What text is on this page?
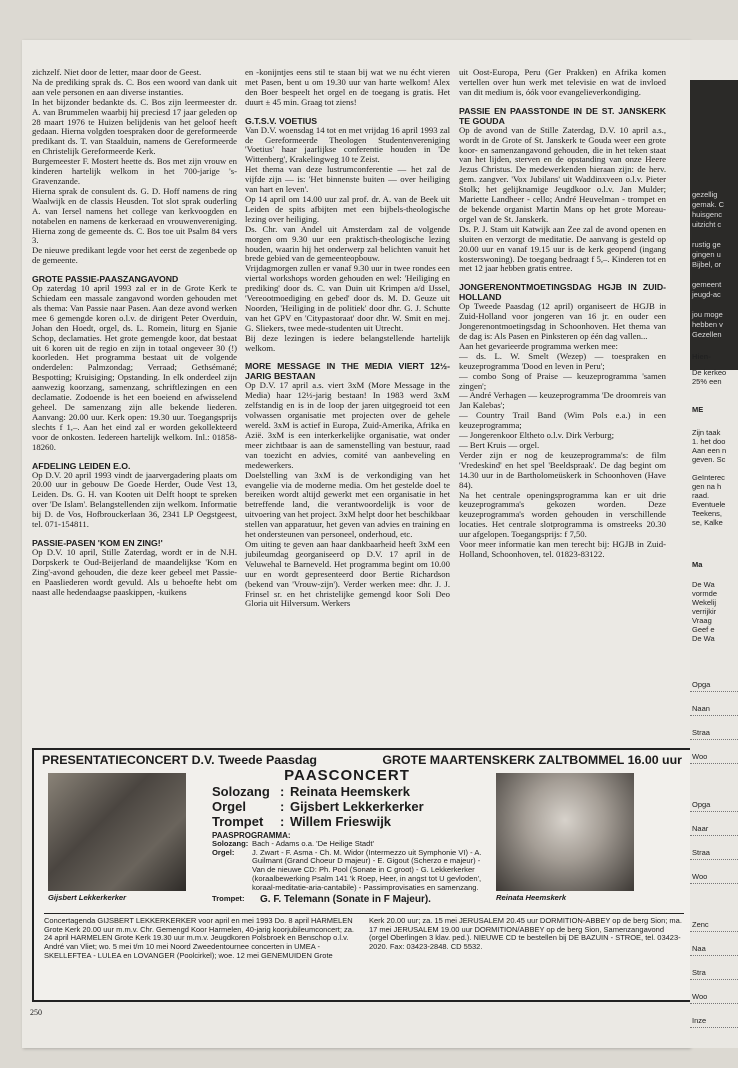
zichzelf. Niet door de letter, maar door de Geest.

Na de prediking sprak ds. C. Bos een woord van dank uit aan vele personen en aan diverse instanties.

In het bijzonder bedankte ds. C. Bos zijn leermeester dr. A. van Brummelen waarbij hij preciesd 17 jaar geleden op 28 maart 1976 te Huizen belijdenis van het geloof heeft gedaan. Hierna volgden toespraken door de gereformeerde predikant ds. T. van Staalduin, namens de Gereformeerde en Christelijk Gereformeerde Kerk.

Burgemeester F. Mostert heette ds. Bos met zijn vrouw en kinderen hartelijk welkom in het 700-jarige 's-Gravenzande.

Hierna sprak de consulent ds. G. D. Hoff namens de ring Waalwijk en de classis Heusden. Tot slot sprak ouderling A. van Iersel namens het college van kerkvoogden en notabelen en namens de kerkeraad en vrouwenvereniging. Hierna zong de gemeente ds. C. Bos toe uit Psalm 84 vers 3.

De nieuwe predikant legde voor het eerst de zegenbede op de gemeente.

GROTE PASSIE-PAASZANGAVOND

Op zaterdag 10 april 1993 zal er in de Grote Kerk te Schiedam een massale zangavond worden gehouden met als thema: Van Passie naar Pasen. Aan deze avond werken mee 6 gemengde koren o.l.v. de dirigent Peter Overduin, Johan den Hoedt, orgel, ds. L. Romein, liturg en Sjanie Schop, declamaties. Het grote gemengde koor, dat bestaat uit 6 koren uit de regio en zijn in totaal ongeveer 30 (!) koorleden. Het programma bestaat uit de volgende onderdelen: Palmzondag; Verraad; Gethsémané; Bespotting; Kruisiging; Opstanding. In elk onderdeel zijn aanwezig koorzang, samenzang, schriftlezingen en een declamatie. Zodoende is het een boeiend en afwisselend geheel. De samenzang zijn alle bekende liederen. Aanvang: 20.00 uur. Kerk open: 19.30 uur. Toegangsprijs slechts f 1,–. Aan het eind zal er worden gekollekteerd voor de onkosten. Iedereen hartelijk welkom. Inl.: 01858-18260.

AFDELING LEIDEN E.O.

Op D.V. 20 april 1993 vindt de jaarvergadering plaats om 20.00 uur in gebouw De Goede Herder, Oude Vest 13, Leiden. Ds. G. H. van Kooten uit Delft hoopt te spreken over 'De Islam'. Belangstellenden zijn welkom. Informatie bij D. de Vos, Hofbrouckerlaan 36, 2341 LP Oegstgeest, tel. 071-154811.

PASSIE-PASEN 'KOM EN ZING!'

Op D.V. 10 april, Stille Zaterdag, wordt er in de N.H. Dorpskerk te Oud-Beijerland de maandelijkse 'Kom en Zing'-avond gehouden, die deze keer gebeel met Passie- en Paasliederen wordt gevuld. Als u behoefte hebt om naast alle hedendaagse paaskippen, -kuikens

en -konijntjes eens stil te staan bij wat we nu écht vieren met Pasen, bent u om 19.30 uur van harte welkom! Alex den Boer bespeelt het orgel en de toegang is gratis. Het duurt ± 45 min. Graag tot ziens!

G.T.S.V. VOETIUS

Van D.V. woensdag 14 tot en met vrijdag 16 april 1993 zal de Gereformeerde Theologen Studentenvereniging 'Voetius' haar jaarlijkse conferentie houden in 'De Wittenberg', Krakelingweg 10 te Zeist.

Het thema van deze lustrumconferentie — het zal de vijfde zijn — is: 'Het binnenste buiten — over heiliging van hart en leven'.

Op 14 april om 14.00 uur zal prof. dr. A. van de Beek uit Leiden de spits afbijten met een bijbels-theologische lezing over heiliging.

Ds. Chr. van Andel uit Amsterdam zal de volgende morgen om 9.30 uur een praktisch-theologische lezing houden, waarin hij het onderwerp zal belichten vanuit het brede gebied van de gemeenteopbouw.

Vrijdagmorgen zullen er vanaf 9.30 uur in twee rondes een viertal workshops worden gehouden en wel: 'Heiliging en prediking' door ds. C. van Duin uit Krimpen a/d IJssel, 'Vereootmoediging en gebed' door ds. M. D. Geuze uit Noorden, 'Heiliging in de politiek' door dhr. G. J. Schutte van het GPV en 'Citypastoraat' door dhr. W. Smit en mej. G. Sliekers, twee mede-studenten uit Utrecht.

Bij deze lezingen is iedere belangstellende hartelijk welkom.

MORE MESSAGE IN THE MEDIA VIERT 12½-JARIG BESTAAN

Op D.V. 17 april a.s. viert 3xM (More Message in the Media) haar 12½-jarig bestaan! In 1983 werd 3xM zelfstandig en is in de loop der jaren uitgegroeid tot een volwassen organisatie met projecten over de gehele wereld. 3xM is actief in Europa, Zuid-Amerika, Afrika en Azië. 3xM is een interkerkelijke organisatie, wat onder meer zichtbaar is aan de samenstelling van bestuur, raad van toezicht en advies, comité van aanbeveling en medewerkers.

Doelstelling van 3xM is de verkondiging van het evangelie via de moderne media. Om het gestelde doel te bereiken wordt altijd gewerkt met een organisatie in het betreffende land, die verantwoordelijk is voor de uitvoering van het project. 3xM helpt door het beschikbaar stellen van apparatuur, het geven van advies en training en het ondersteunen van personeel, onderhoud, etc.

Om uiting te geven aan haar dankbaarheid heeft 3xM een jubileumdag georganiseerd op D.V. 17 april in de Veluwehal te Barneveld. Het programma begint om 10.00 uur en wordt gepresenteerd door Bertie Richardson (bekend van 'Vrouw-zijn'). Verder werken mee: dhr. J. J. Frinsel sr. en het christelijke gemengd koor Soli Deo Gloria uit Hilversum. Werkers

uit Oost-Europa, Peru (Ger Prakken) en Afrika komen vertellen over hun werk met televisie en wat de invloed van dit medium is, óók voor evangelieverkondiging.

PASSIE EN PAASSTONDE IN DE ST. JANSKERK TE GOUDA

Op de avond van de Stille Zaterdag, D.V. 10 april a.s., wordt in de Grote of St. Janskerk te Gouda weer een grote koor- en samenzangavond gehouden, die in het teken staat van het lijden, sterven en de opstanding van onze Heere Jezus Christus. De medewerkenden hieraan zijn: de herv. gem. zangver. 'Vox Jubilans' uit Waddinxveen o.l.v. Pieter Stolk; het gelijknamige Jeugdkoor o.l.v. Jan Mulder; Mariette Landheer - cello; André Heuvelman - trompet en de bekende organist Martin Mans op het grote Moreau-orgel van de St. Janskerk.

Ds. P. J. Stam uit Katwijk aan Zee zal de avond openen en sluiten en verzorgt de meditatie. De aanvang is gesteld op 20.00 uur en vanaf 19.15 uur is de kerk geopend (ingang kosterswoning). De toegang bedraagt f 5,–. Kinderen tot en met 12 jaar hebben gratis entree.

JONGERENONTMOETINGSDAG HGJB IN ZUID-HOLLAND

Op Tweede Paasdag (12 april) organiseert de HGJB in Zuid-Holland voor jongeren van 16 jr. en ouder een Jongerenontmoetingsdag in Schoonhoven. Het thema van de dag is: Als Pasen en Pinksteren op één dag vallen...

Aan het gevarieerde programma werken mee:

— ds. L. W. Smelt (Wezep) — toespraken en keuzeprogramma 'Dood en leven in Peru';

— combo Song of Praise — keuzeprogramma 'samen zingen';

— André Verhagen — keuzeprogramma 'De droomreis van Jan Kalebas';

— Country Trail Band (Wim Pols e.a.) in een keuzeprogramma;

— Jongerenkoor Eltheto o.l.v. Dirk Verburg;

— Bert Kruis — orgel.

Verder zijn er nog de keuzeprogramma's: de film 'Vredeskind' en het spel 'Beeldspraak'. De dag begint om 14.30 uur in de Bartholomeüskerk in Schoonhoven (Have 84).

Na het centrale openingsprogramma kan er uit drie keuzeprogramma's gekozen worden. Deze keuzeprogramma's worden gehouden in verschillende locaties. Het centrale slotprogramma is omstreeks 20.30 uur afgelopen. Toegangsprijs: f 7,50.

Voor meer informatie kan men terecht bij: HGJB in Zuid-Holland, Schoonhoven, tel. 01823-83122.

PRESENTATIECONCERT D.V. Tweede Paasdag	GROTE MAARTENSKERK ZALTBOMMEL 16.00 uur
Gijsbert Lekkerkerker
PAASCONCERT
Solozang : Reinata Heemskerk
Orgel	: Gijsbert Lekkerkerker
Trompet	: Willem Frieswijk
PAASPROGRAMMA:
Solozang: Bach - Adams o.a. 'De Heilige Stadt'
Orgel:	J. Zwart - F. Asma - Ch. M. Widor (Intermezzo uit Symphonie VI) - A. Guilmant (Grand Choeur D majeur) - E. Gigout (Scherzo e majeur) - Van de nieuwe CD: Ph. Pool (Sonate in C groot) - G. Lekkerkerker (koraalbewerking Psalm 141 'k Roep, Heer, in angst tot U gevloden', koraal-meditatie-aria-cantabile) - Passimprovisaties en samenzang.
Trompet:	G. F. Telemann (Sonate in F Majeur).	Reinata Heemskerk
Concertagenda GIJSBERT LEKKERKERKER voor april en mei 1993 Do. 8 april HARMELEN Grote Kerk 20.00 uur m.m.v. Chr. Gemengd Koor Harmelen, 40-jarig koorjubileumconcert; za. 24 april HARMELEN Grote Kerk 19.30 uur m.m.v. Jeugdkoren Polsbroek en Benschop o.l.v. André van Vliet; wo. 5 mei t/m 10 mei Noord Zweedentournee concerten in UMEA - SKELLEFTEA - LULEA en LOVANGER (Poolcirkel); woe. 12 mei GENEMUIDEN Grote
Kerk 20.00 uur; za. 15 mei JERUSALEM 20.45 uur DORMITION-ABBEY op de berg Sion; ma. 17 mei JERUSALEM 19.00 uur DORMITION/ABBEY op de berg Sion, Samenzangavond (orgel Oberlingen 3 klav. ped.). NIEUWE CD te bestellen bij DE BAZUIN - STROE, tel. 03423-2020. Fax: 03423-2848. CD 5532.
250
gezellig
gemak. C
huisgenc
uitzicht c
rustig ge
gingen u
Bijbel, or
gemeent
jeugd-ac
jou moge
hebben v
Gezellen
Hien-
De kerkeo
25% een
ME
Zijn taak
1. het doo
Aan een n
geven. Sc
Geïnterec
gen na h
raad.
Eventuele
Teekens,
se, Kalke
Ma
De Wa
vormde
Wekelij
verrijkir
Vraag
Geef e
De Wa
Opga
Naan
Straa
Woo
Opga
Naar
Straa
Woo
Zenc
Naa
Stra
Woo
Inze
